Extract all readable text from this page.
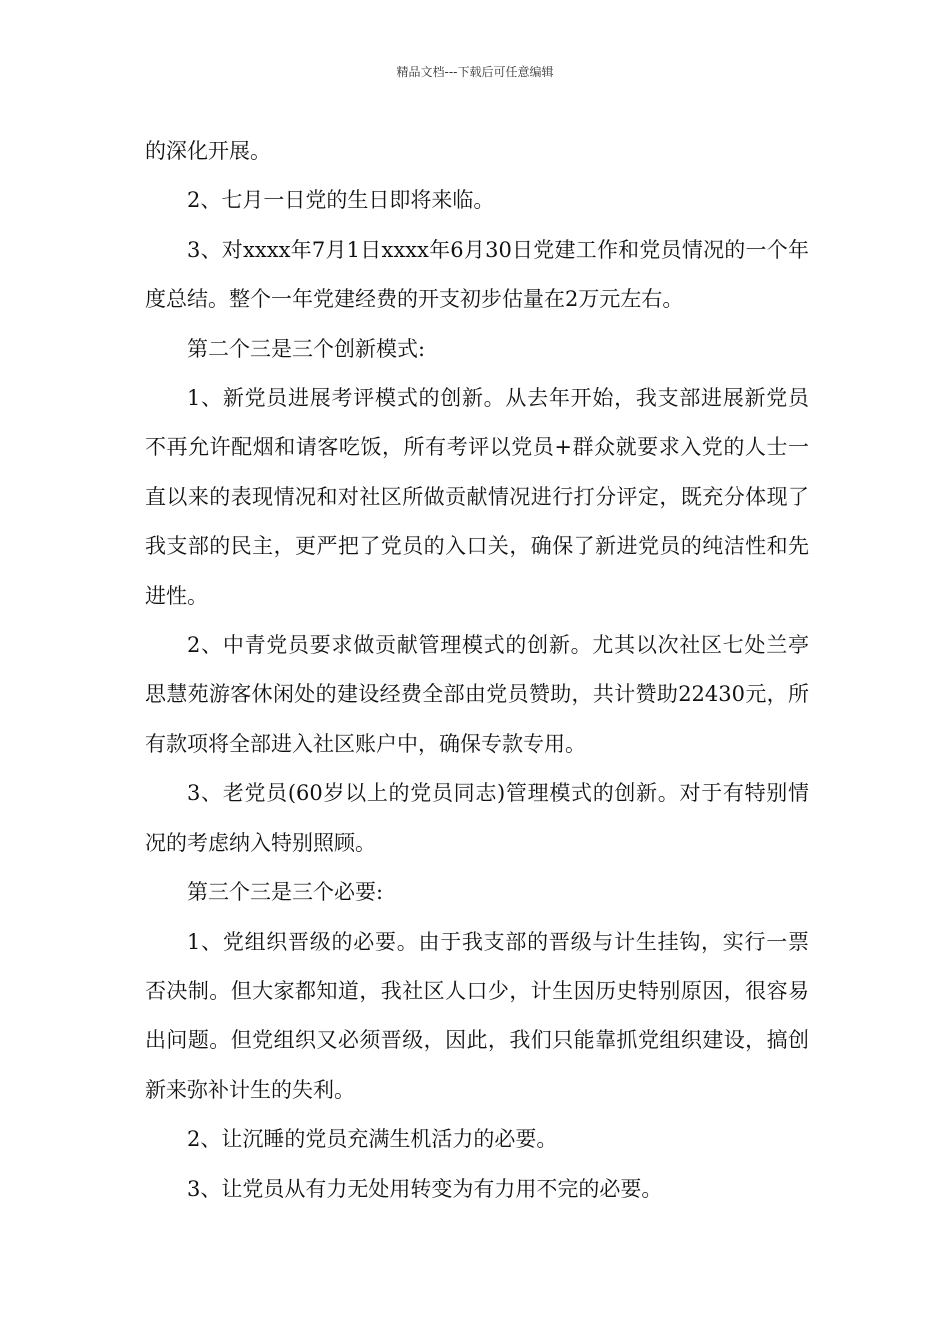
精品文档---下载后可任意编辑

的深化开展。

2、七月一日党的生日即将来临。

3、对xxxx年7月1日xxxx年6月30日党建工作和党员情况的一个年度总结。整个一年党建经费的开支初步估量在2万元左右。

第二个三是三个创新模式:

1、新党员进展考评模式的创新。从去年开始，我支部进展新党员不再允许配烟和请客吃饭，所有考评以党员+群众就要求入党的人士一直以来的表现情况和对社区所做贡献情况进行打分评定，既充分体现了我支部的民主，更严把了党员的入口关，确保了新进党员的纯洁性和先进性。

2、中青党员要求做贡献管理模式的创新。尤其以次社区七处兰亭思慧苑游客休闲处的建设经费全部由党员赞助，共计赞助22430元，所有款项将全部进入社区账户中，确保专款专用。

3、老党员(60岁以上的党员同志)管理模式的创新。对于有特别情况的考虑纳入特别照顾。

第三个三是三个必要:

1、党组织晋级的必要。由于我支部的晋级与计生挂钩，实行一票否决制。但大家都知道，我社区人口少，计生因历史特别原因，很容易出问题。但党组织又必须晋级，因此，我们只能靠抓党组织建设，搞创新来弥补计生的失利。

2、让沉睡的党员充满生机活力的必要。

3、让党员从有力无处用转变为有力用不完的必要。
